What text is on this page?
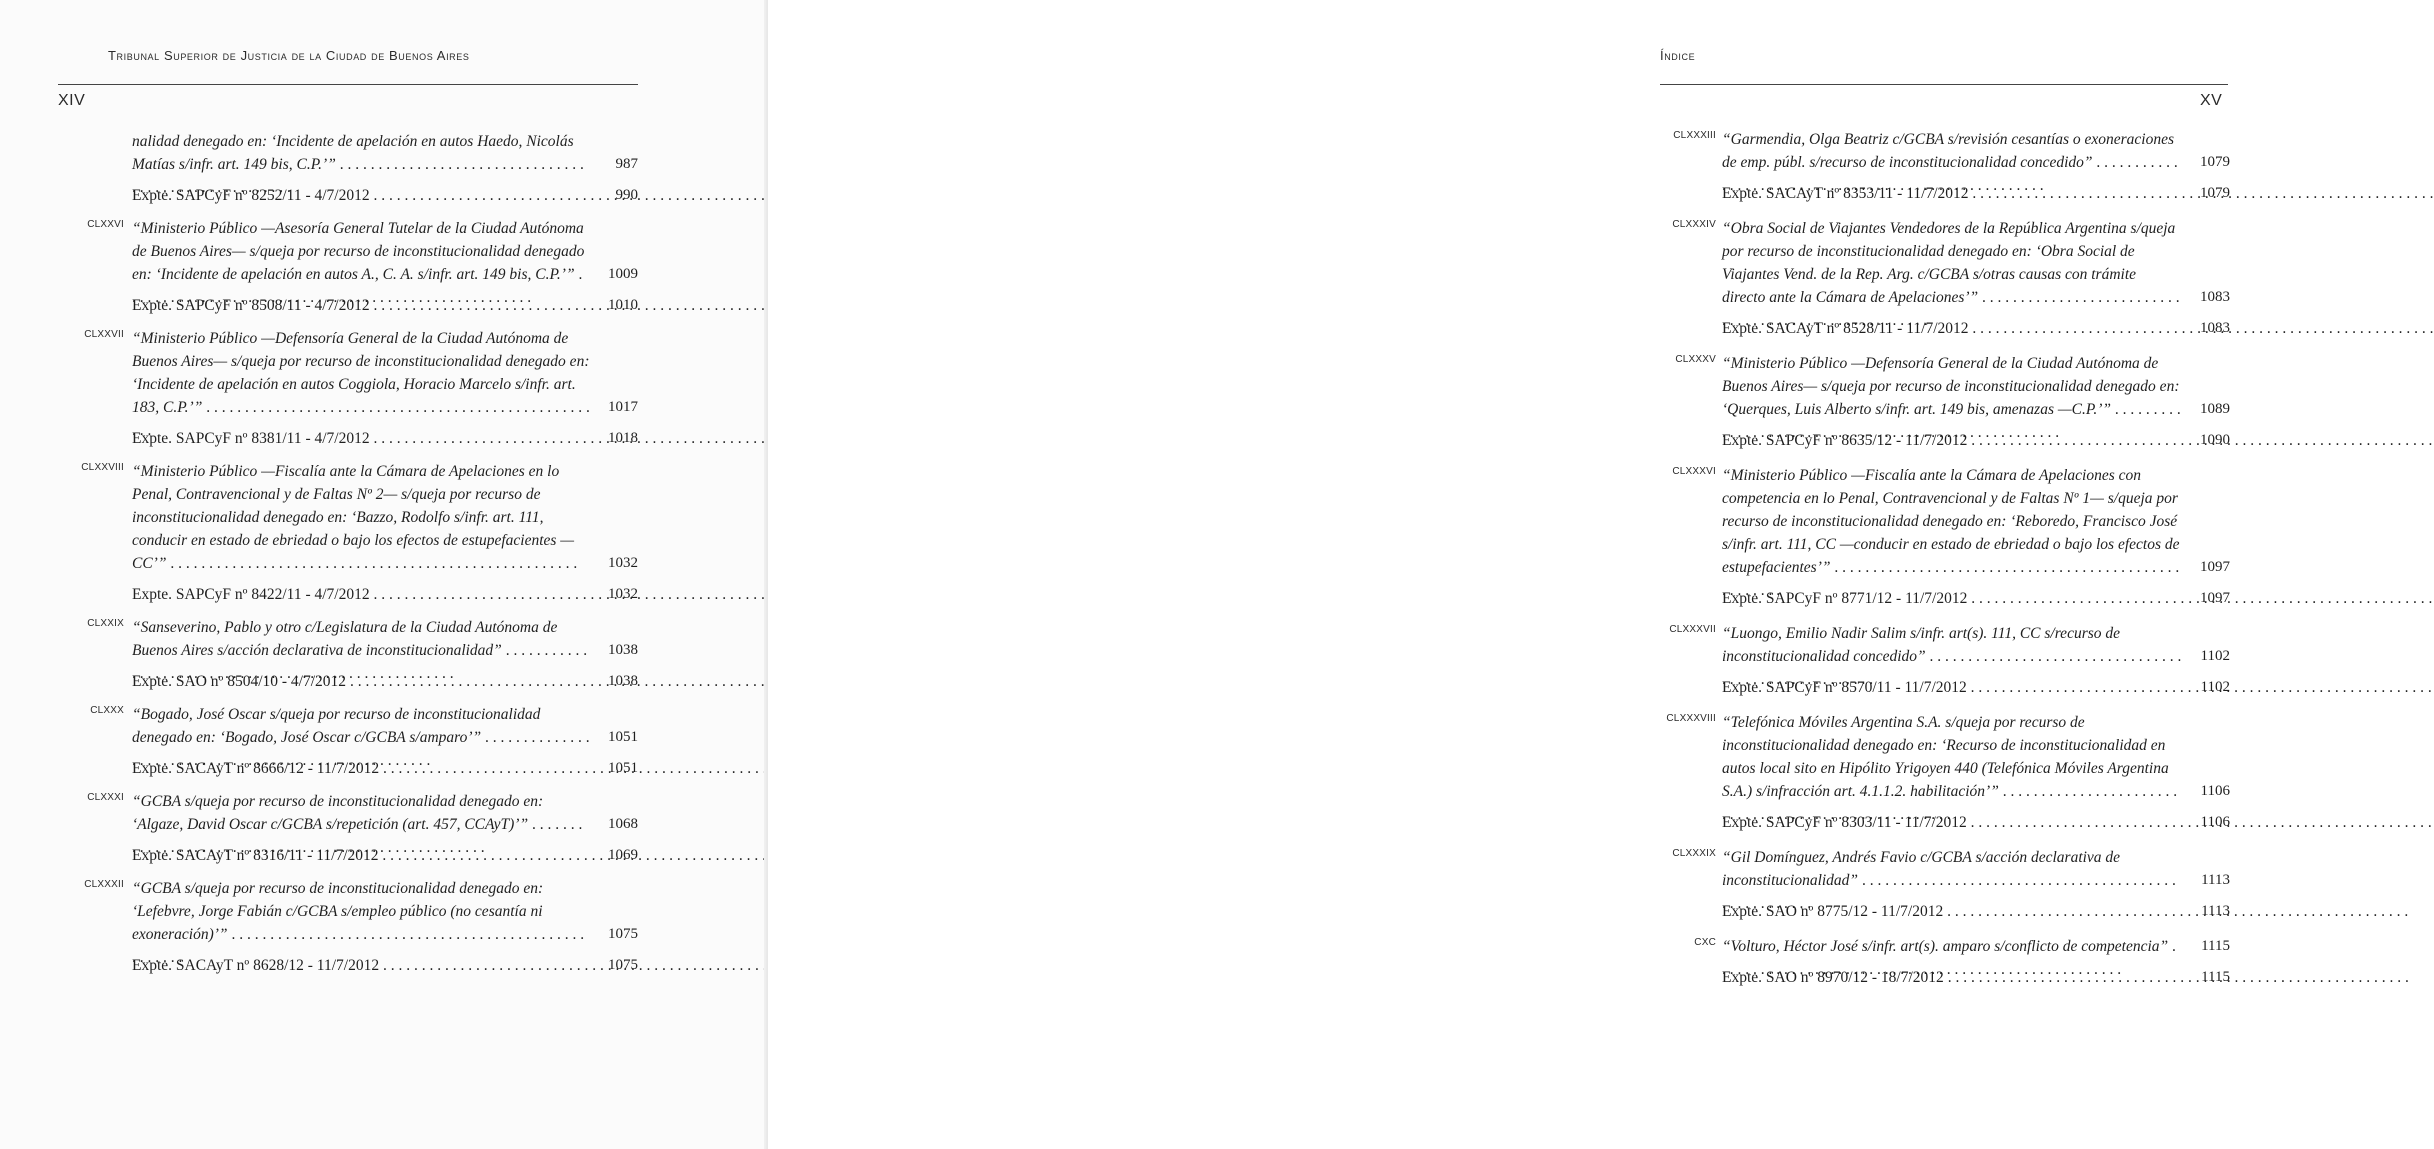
Tribunal Superior de Justicia de la Ciudad de Buenos Aires
XIV
nalidad denegado en: ‘Incidente de apelación en autos Haedo, Nicolás Matías s/infr. art. 149 bis, C.P.’” . . .	987
Expte. SAPCyF nº 8252/11 - 4/7/2012 . . .	990
CLXXVI “Ministerio Público —Asesoría General Tutelar de la Ciudad Autónoma de Buenos Aires— s/queja por recurso de inconstitucionalidad denegado en: ‘Incidente de apelación en autos A., C. A. s/infr. art. 149 bis, C.P.’” . . .	1009
Expte. SAPCyF nº 8508/11 - 4/7/2012 . . .	1010
CLXXVII “Ministerio Público —Defensoría General de la Ciudad Autónoma de Buenos Aires— s/queja por recurso de inconstitucionalidad denegado en: ‘Incidente de apelación en autos Coggiola, Horacio Marcelo s/infr. art. 183, C.P.’” . . .	1017
Expte. SAPCyF nº 8381/11 - 4/7/2012 . . .	1018
CLXXVIII “Ministerio Público —Fiscalía ante la Cámara de Apelaciones en lo Penal, Contravencional y de Faltas Nº 2— s/queja por recurso de inconstitucionalidad denegado en: ‘Bazzo, Rodolfo s/infr. art. 111, conducir en estado de ebriedad o bajo los efectos de estupefacientes —CC’” . . .	1032
Expte. SAPCyF nº 8422/11 - 4/7/2012 . . .	1032
CLXXIX “Sanseverino, Pablo y otro c/Legislatura de la Ciudad Autónoma de Buenos Aires s/acción declarativa de inconstitucionalidad” . . .	1038
Expte. SAO nº 8504/10 - 4/7/2012 . . .	1038
CLXXX “Bogado, José Oscar s/queja por recurso de inconstitucionalidad denegado en: ‘Bogado, José Oscar c/GCBA s/amparo’” . . .	1051
Expte. SACAyT nº 8666/12 - 11/7/2012 . . .	1051
CLXXXI “GCBA s/queja por recurso de inconstitucionalidad denegado en: ‘Algaze, David Oscar c/GCBA s/repetición (art. 457, CCAyT)’” . . .	1068
Expte. SACAyT nº 8316/11 - 11/7/2012 . . .	1069
CLXXXII “GCBA s/queja por recurso de inconstitucionalidad denegado en: ‘Lefebvre, Jorge Fabián c/GCBA s/empleo público (no cesantía ni exoneración)’” . . .	1075
Expte. SACAyT nº 8628/12 - 11/7/2012 . . .	1075
Índice
XV
CLXXXIII “Garmendia, Olga Beatriz c/GCBA s/revisión cesantías o exoneraciones de emp. públ. s/recurso de inconstitucionalidad concedido” . . .	1079
Expte. SACAyT nº 8353/11 - 11/7/2012 . . .	1079
CLXXXIV “Obra Social de Viajantes Vendedores de la República Argentina s/queja por recurso de inconstitucionalidad denegado en: ‘Obra Social de Viajantes Vend. de la Rep. Arg. c/GCBA s/otras causas con trámite directo ante la Cámara de Apelaciones’” . . .	1083
Expte. SACAyT nº 8528/11 - 11/7/2012 . . .	1083
CLXXXV “Ministerio Público —Defensoría General de la Ciudad Autónoma de Buenos Aires— s/queja por recurso de inconstitucionalidad denegado en: ‘Querques, Luis Alberto s/infr. art. 149 bis, amenazas —C.P.’” . . .	1089
Expte. SAPCyF nº 8635/12 - 11/7/2012 . . .	1090
CLXXXVI “Ministerio Público —Fiscalía ante la Cámara de Apelaciones con competencia en lo Penal, Contravencional y de Faltas Nº 1— s/queja por recurso de inconstitucionalidad denegado en: ‘Reboredo, Francisco José s/infr. art. 111, CC —conducir en estado de ebriedad o bajo los efectos de estupefacientes’” . . .	1097
Expte. SAPCyF nº 8771/12 - 11/7/2012 . . .	1097
CLXXXVII “Luongo, Emilio Nadir Salim s/infr. art(s). 111, CC s/recurso de inconstitucionalidad concedido” . . .	1102
Expte. SAPCyF nº 8570/11 - 11/7/2012 . . .	1102
CLXXXVIII “Telefónica Móviles Argentina S.A. s/queja por recurso de inconstitucionalidad denegado en: ‘Recurso de inconstitucionalidad en autos local sito en Hipólito Yrigoyen 440 (Telefónica Móviles Argentina S.A.) s/infracción art. 4.1.1.2. habilitación’” . . .	1106
Expte. SAPCyF nº 8303/11 - 11/7/2012 . . .	1106
CLXXXIX “Gil Domínguez, Andrés Favio c/GCBA s/acción declarativa de inconstitucionalidad” . . .	1113
Expte. SAO nº 8775/12 - 11/7/2012 . . .	1113
CXC “Volturo, Héctor José s/infr. art(s). amparo s/conflicto de competencia” . . .	1115
Expte. SAO nº 8970/12 - 18/7/2012 . . .	1115
